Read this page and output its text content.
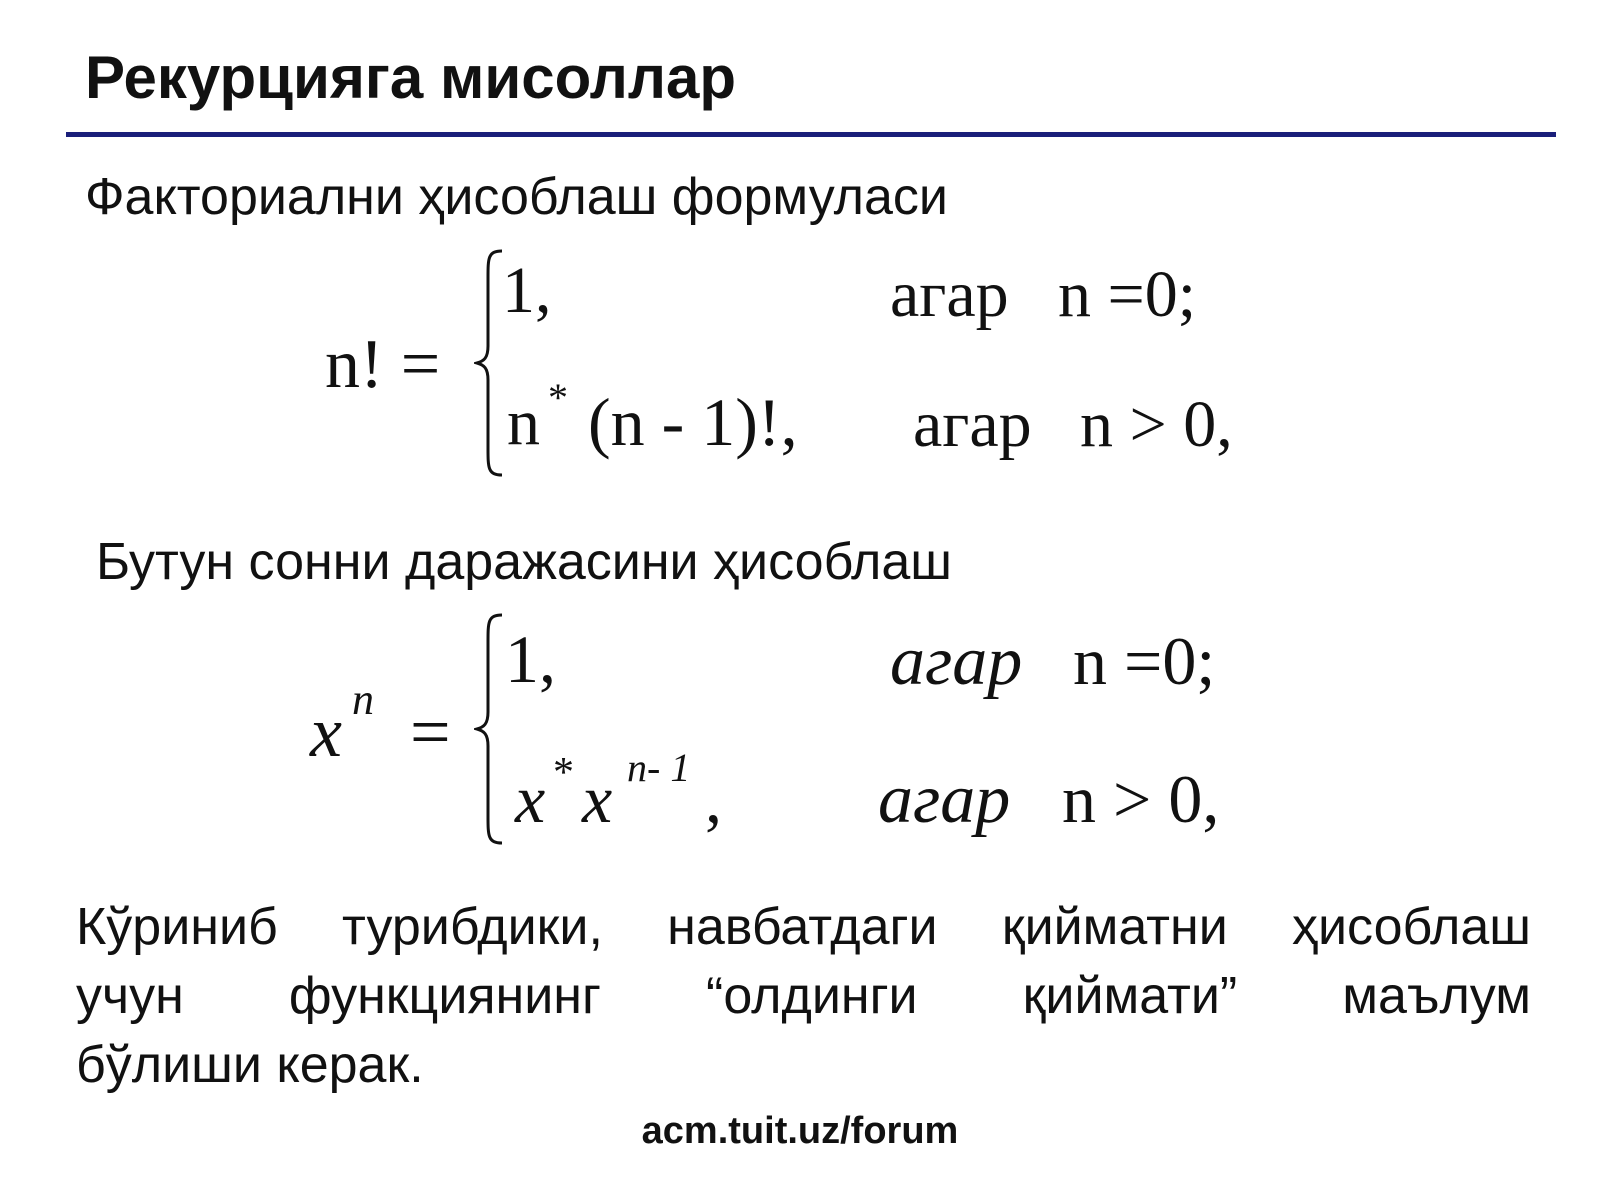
Рекурцияга мисоллар
Факториални ҳисоблаш формуласи
n! =
1,	агар n =0;
n * (n - 1)!, агар n > 0,
Бутун сонни даражасини ҳисоблаш
x n =
1,	агар n =0;
x * x n- 1 , агар n > 0,
Кўриниб турибдики, навбатдаги қийматни ҳисоблаш
учун функциянинг “олдинги қиймати” маълум
бўлиши керак.
acm.tuit.uz/forum
